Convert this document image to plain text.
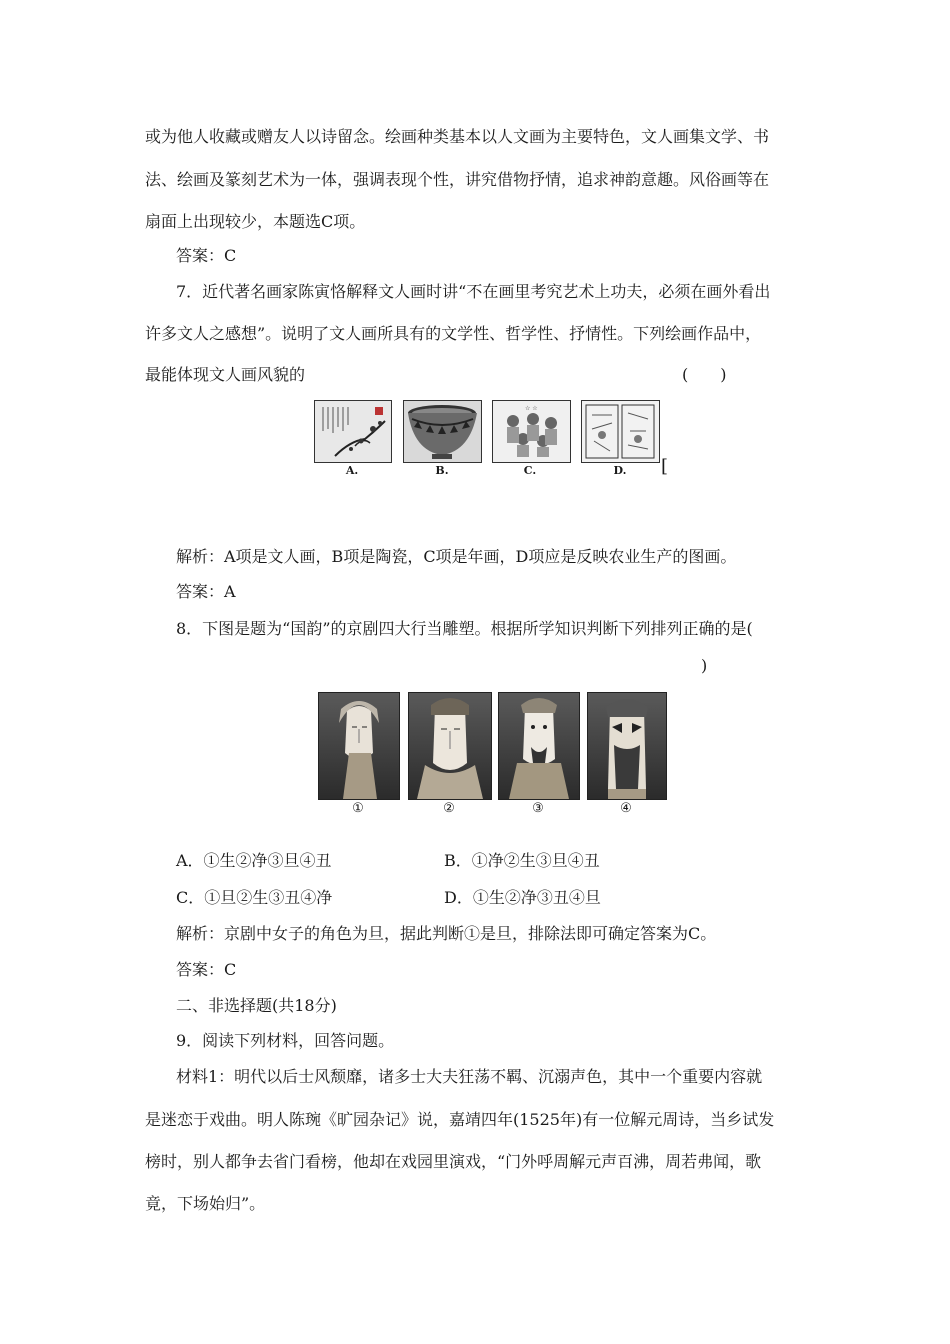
或为他人收藏或赠友人以诗留念。绘画种类基本以人文画为主要特色，文人画集文学、书
法、绘画及篆刻艺术为一体，强调表现个性，讲究借物抒情，追求神韵意趣。风俗画等在
扇面上出现较少，本题选C项。
答案：C
7．近代著名画家陈寅恪解释文人画时讲“不在画里考究艺术上功夫，必须在画外看出
许多文人之感想”。说明了文人画所具有的文学性、哲学性、抒情性。下列绘画作品中，
最能体现文人画风貌的	(　　)
☆ ☆
A.	B.	C.	D. [
解析：A项是文人画，B项是陶瓷，C项是年画，D项应是反映农业生产的图画。
答案：A
8．下图是题为“国韵”的京剧四大行当雕塑。根据所学知识判断下列排列正确的是(
)
①	②	③	④
A．①生②净③旦④丑	B．①净②生③旦④丑
C．①旦②生③丑④净	D．①生②净③丑④旦
解析：京剧中女子的角色为旦，据此判断①是旦，排除法即可确定答案为C。
答案：C
二、非选择题(共18分)
9．阅读下列材料，回答问题。
材料1：明代以后士风颓靡，诸多士大夫狂荡不羁、沉溺声色，其中一个重要内容就
是迷恋于戏曲。明人陈琬《旷园杂记》说，嘉靖四年(1525年)有一位解元周诗，当乡试发
榜时，别人都争去省门看榜，他却在戏园里演戏，“门外呼周解元声百沸，周若弗闻，歌
竟，下场始归”。
